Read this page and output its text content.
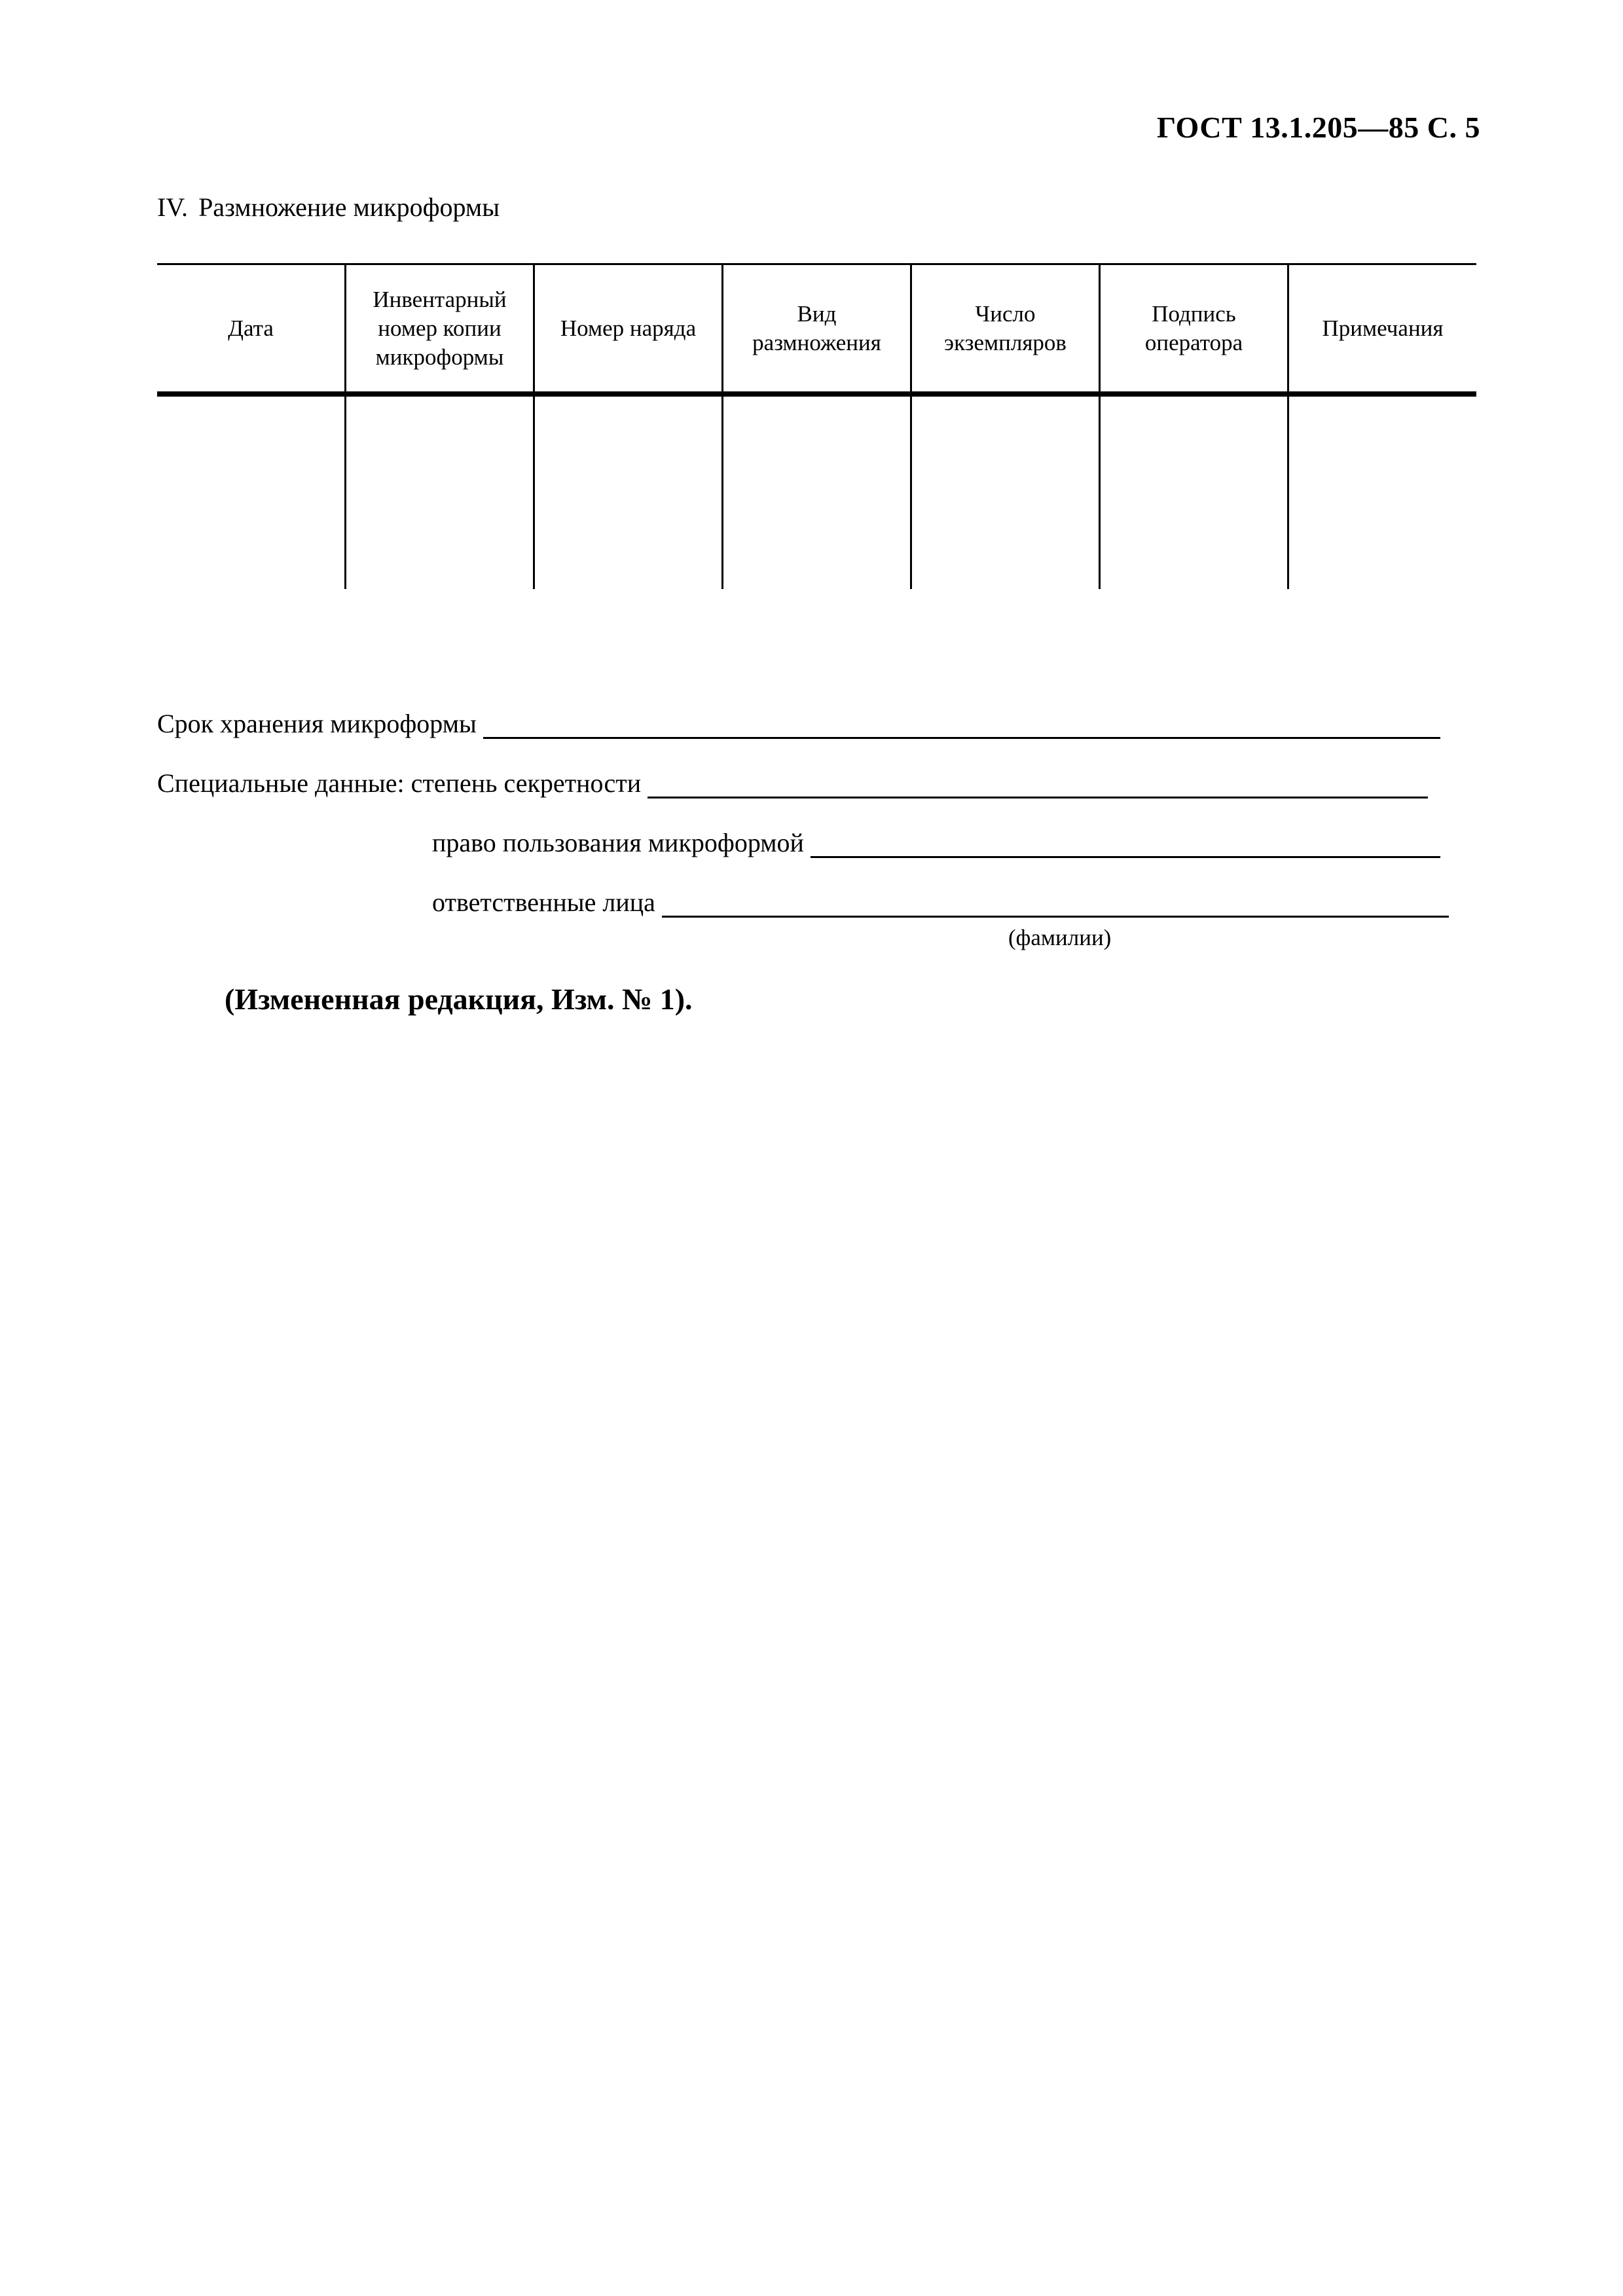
ГОСТ 13.1.205—85 С. 5
IV. Размножение микроформы
Дата
Инвентарный
номер копии
микроформы
Номер наряда
Вид
размножения
Число
экземпляров
Подпись
оператора
Примечания
Срок хранения микроформы
Специальные данные: степень секретности
право пользования микроформой
ответственные лица
(фамилии)
(Измененная редакция, Изм. № 1).
